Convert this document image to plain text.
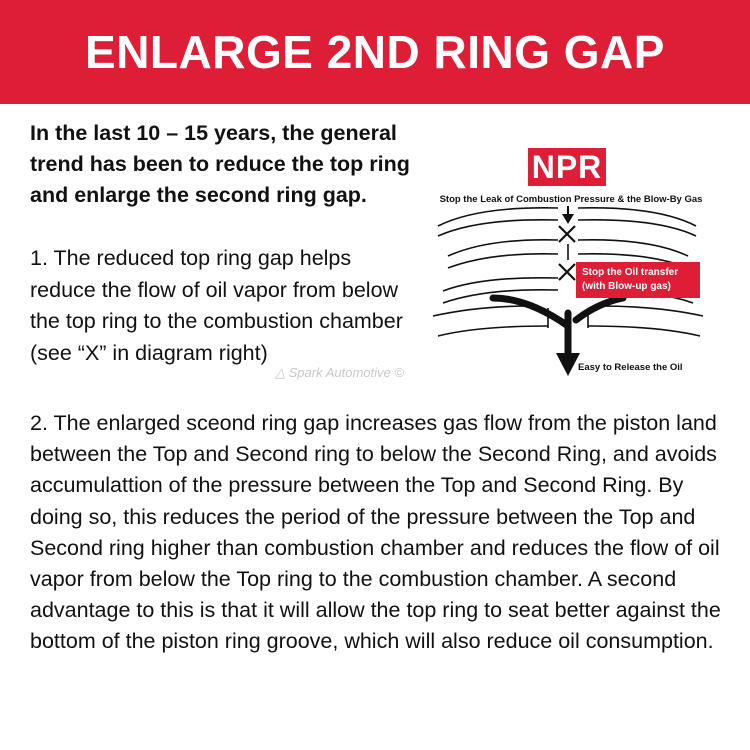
ENLARGE 2ND RING GAP
In the last 10 – 15 years, the general trend has been to reduce the top ring and enlarge the second ring gap.
1. The reduced top ring gap helps reduce the flow of oil vapor from below the top ring to the combustion chamber (see “X” in diagram right)
NPR
Stop the Leak of Combustion Pressure & the Blow-By Gas
Stop the Oil transfer
(with Blow-up gas)
Easy to Release the Oil
△ Spark Automotive ©
2. The enlarged sceond ring gap increases gas flow from the piston land between the Top and Second ring to below the Second Ring, and avoids accumulattion of the pressure between the Top and Second Ring. By doing so, this reduces the period of the pressure between the Top and Second ring higher than combustion chamber and reduces the flow of oil vapor from below the Top ring to the combustion chamber. A second advantage to this is that it will allow the top ring to seat better against the bottom of the piston ring groove, which will also reduce oil consumption.
